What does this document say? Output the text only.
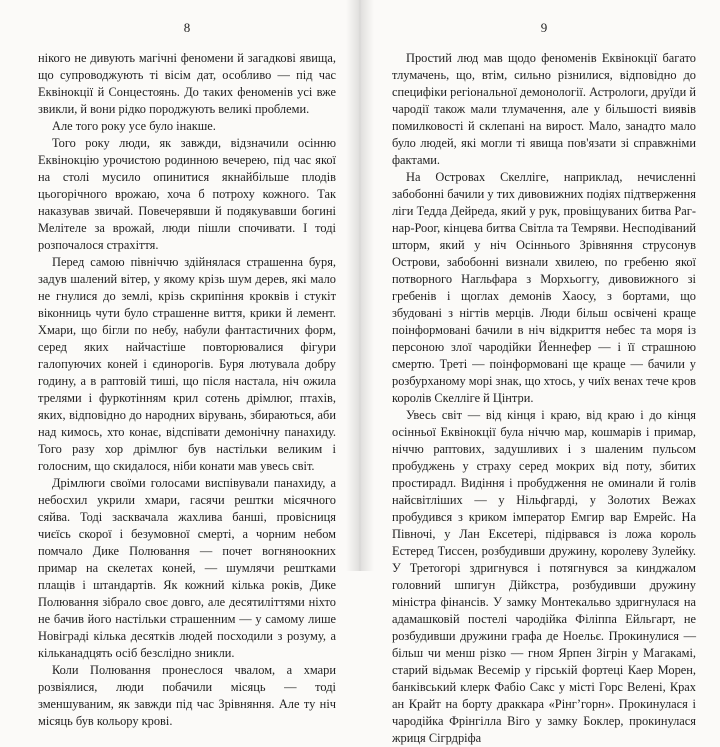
8

нікого не дивують магічні феномени й загадкові явища, що супроводжують ті вісім дат, особливо — під час Еквінокції й Сонцестоянь. До таких феноменів усі вже звикли, й вони рідко породжують великі проблеми.

Але того року усе було інакше.

Того року люди, як завжди, відзначили осінню Еквінокцію урочистою родинною вечерею, під час якої на столі мусило опинитися якнайбільше плодів цьогорічного врожаю, хоча б потроху кожного. Так наказував звичай. Повечерявши й подякувавши богині Мелітеле за врожай, люди пішли спочивати. І тоді розпочалося страхіття.

Перед самою північчю здійнялася страшенна буря, задув шалений вітер, у якому крізь шум дерев, які мало не гнулися до землі, крізь скрипіння кроквів і стукіт віконниць чути було страшенне виття, крики й лемент. Хмари, що бігли по небу, набули фантастичних форм, серед яких найчастіше повторювалися фігури галопуючих коней і єдинорогів. Буря лютувала добру годину, а в раптовій тиші, що після настала, ніч ожила трелями і фуркотінням крил сотень дрімлюг, птахів, яких, відповідно до народних вірувань, збираються, аби над кимось, хто конає, відспівати демонічну панахиду. Того разу хор дрімлюг був настільки великим і голосним, що скидалося, ніби конати мав увесь світ.

Дрімлюги своїми голосами виспівували панахиду, а небосхил укрили хмари, гасячи рештки місячного сяйва. Тоді засквачала жахлива банші, провісниця чиєїсь скорої і безумовної смерті, а чорним небом помчало Дике Полювання — почет вогняноокних примар на скелетах коней, — шумлячи рештками плащів і штандартів. Як кожний кілька років, Дике Полювання зібрало своє довго, але десятиліттями ніхто не бачив його настільки страшенним — у самому лише Новіграді кілька десятків людей посходили з розуму, а кільканадцять осіб безслідно зникли.

Коли Полювання пронеслося чвалом, а хмари розвіялися, люди побачили місяць — тоді зменшуваним, як завжди під час Зрівняння. Але ту ніч місяць був кольору крові.

9

Простий люд мав щодо феноменів Еквінокції багато тлумачень, що, втім, сильно різнилися, відповідно до специфіки регіональної демонології. Астрологи, друїди й чародії також мали тлумачення, але у більшості виявів помилковості й склепані на вирост. Мало, занадто мало було людей, які могли ті явища пов'язати зі справжніми фактами.

На Островах Скелліге, наприклад, нечисленні забобонні бачили у тих дивовижних подіях підтверження ліги Тедда Дейреда, який у рук, провіщуваних битва Раг-нар-Роог, кінцева битва Світла та Темряви. Несподіваний шторм, який у ніч Осіннього Зрівняння струсонув Острови, забобонні визнали хвилею, по гребеню якої потворного Нагльфара з Морхьоггу, дивовижного зі гребенів і щоглах демонів Хаосу, з бортами, що збудовані з нігтів мерців. Люди більш освічені краще поінформовані бачили в ніч відкриття небес та моря із персоною злої чародійки Йеннефер — і її страшною смертю. Треті — поінформовані ще краще — бачили у розбурханому морі знак, що хтось, у чиїх венах тече кров королів Скелліге й Цінтри.

Увесь світ — від кінця і краю, від краю і до кінця осінньої Еквінокції була ніччю мар, кошмарів і примар, ніччю раптових, задушливих і з шаленим пульсом пробуджень у страху серед мокрих від поту, збитих простирадл. Видіння і пробудження не оминали й голів найсвітліших — у Нільфгарді, у Золотих Вежах пробудився з криком імператор Емгир вар Емрейс. На Півночі, у Лан Ексетері, підірвався із ложа король Естеред Тиссен, розбудивши дружину, королеву Зулейку. У Третогорі здригнувся і потягнувся за кинджалом головний шпигун Дійкстра, розбудивши дружину міністра фінансів. У замку Монтекальво здригнулася на адамашковій постелі чародійка Філіппа Ейльгарт, не розбудивши дружини графа де Ноельє. Прокинулися — більш чи менш різко — гном Ярпен Зігрін у Магакамі, старий відьмак Весемір у гірській фортеці Каер Морен, банківський клерк Фабіо Сакс у місті Горс Велені, Крах ан Крайт на борту драккара «Рінгʼгорн». Прокинулася і чародійка Фрінгілла Віго у замку Боклер, прокинулася жриця Сігрдріфа
